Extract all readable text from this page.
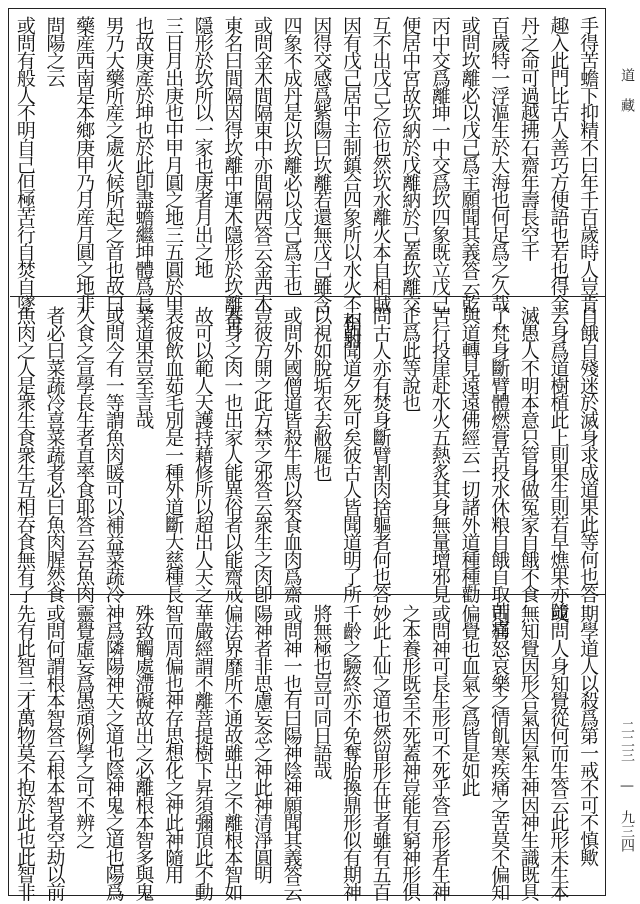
手得苦蟾下抑精不曰年千百歲時人豈肯
趣入此門比古人善巧方便語也若也得金
丹之命可過越拂石齋年壽長空千
百歲特一浮漚生於大海也何足爲之久哉
或問坎離必以戊己爲主願聞其義答云乾
丙中交爲離坤一中交爲坎四象既立戊己
便居中宮故坎納於戊離納於己蓋坎離交
互不出戊己之位也然坎水離火本自相賊
因有戊己居中主制鎮合四象所以水火不相射
因得交感爲紫陽曰坎離若還無戊己雖含
四象不成丹是以坎離必以戊己爲主也
或問金木間隔東中亦間隔西答云金西木
東名曰間隔因得坎離中運木隱形於坎離金
隱形於坎所以一家也庚者月出之地
三日月出庚也中甲月圓之地三五圓於甲
也故庚產於坤也於此卽盡蟾繼坤體爲長
男乃大藥所産之處火候所起之首也故曰
藥産西南是本鄉庚甲乃月産月圓之地非
問陽之云
或問有般人不明自己但極苦行自焚自墜
自餓自殘迷於滅身求成道果此等何也答
云身爲道樹植此上則果生則若早燋果亦隨
滅愚人不明本意只管身做冤家自餓不食
了梵身斷臂體燃膏苦投水休粮自餓自取苦痛
與道轉見遠遠佛經云一切諸外道種種勸
苦行投崖赴水火五熱炙其身無量增邪見
正爲此等說也
問古人亦有焚身斷臂割肉捨軀者何也答
云朝聞道夕死可矣彼古人皆聞道明了所
以視如脫垢衣去敝屣也
或問外國僧道皆殺牛馬以祭食血肉爲齋
豈彼方開之此方禁之邪答云衆生之肉卽
吾身之肉一也出家人能異俗者以能齋戒
故可以範人天護持藉修所以超出人天之
表彼飲血茹毛別是一種外道斷大慈種長
業道果豈至言哉
或問今有一等謂魚肉暖可以補益菜蔬冷
久食之宣學長生者直率食耶答云吾魚肉
者必曰菜蔬冷喜菜蔬者必曰魚肉腥然食
魚肉之人是衆生食衆生互相吞食無有了
期學道人以殺爲第一戒不可不慎歟
或問人身知覺從何而生答云此形未生本
無知覺因形合氣因氣生神因神生識既具
則喜怒哀樂之情飢寒疾痛之苦莫不偏知
偏覺也血氣之爲皆是如此
或問神可長生形可不死乎答云形者生神
之本養形既至不死蓋神豈能有窮神形俱
妙此上仙之道也然留形在世者雖有五百
千齡之驗終亦不免奪胎換鼎形似有期神
將無極也豈可同日語哉
或問神一也有曰陽神陰神願聞其義答云
陽神者非思慮妄念之神此神清淨圓明
偏法界靡所不通故雖出之不離根本智如
華嚴經謂不離菩提樹下昇須彌頂此不動
智而周偏也神存思想化之神此神隨用
殊致觸處滯礙故出之必離根本智多與鬼
神爲隣陽神天之道也陰神鬼之道也陽爲
靈覺虛妄爲愚頑例學之可不辨之
或問何謂根本智答云根本智者空劫以前
先有此智三才萬物莫不抱於此也此智非
道 藏
二二三 — 九三四
